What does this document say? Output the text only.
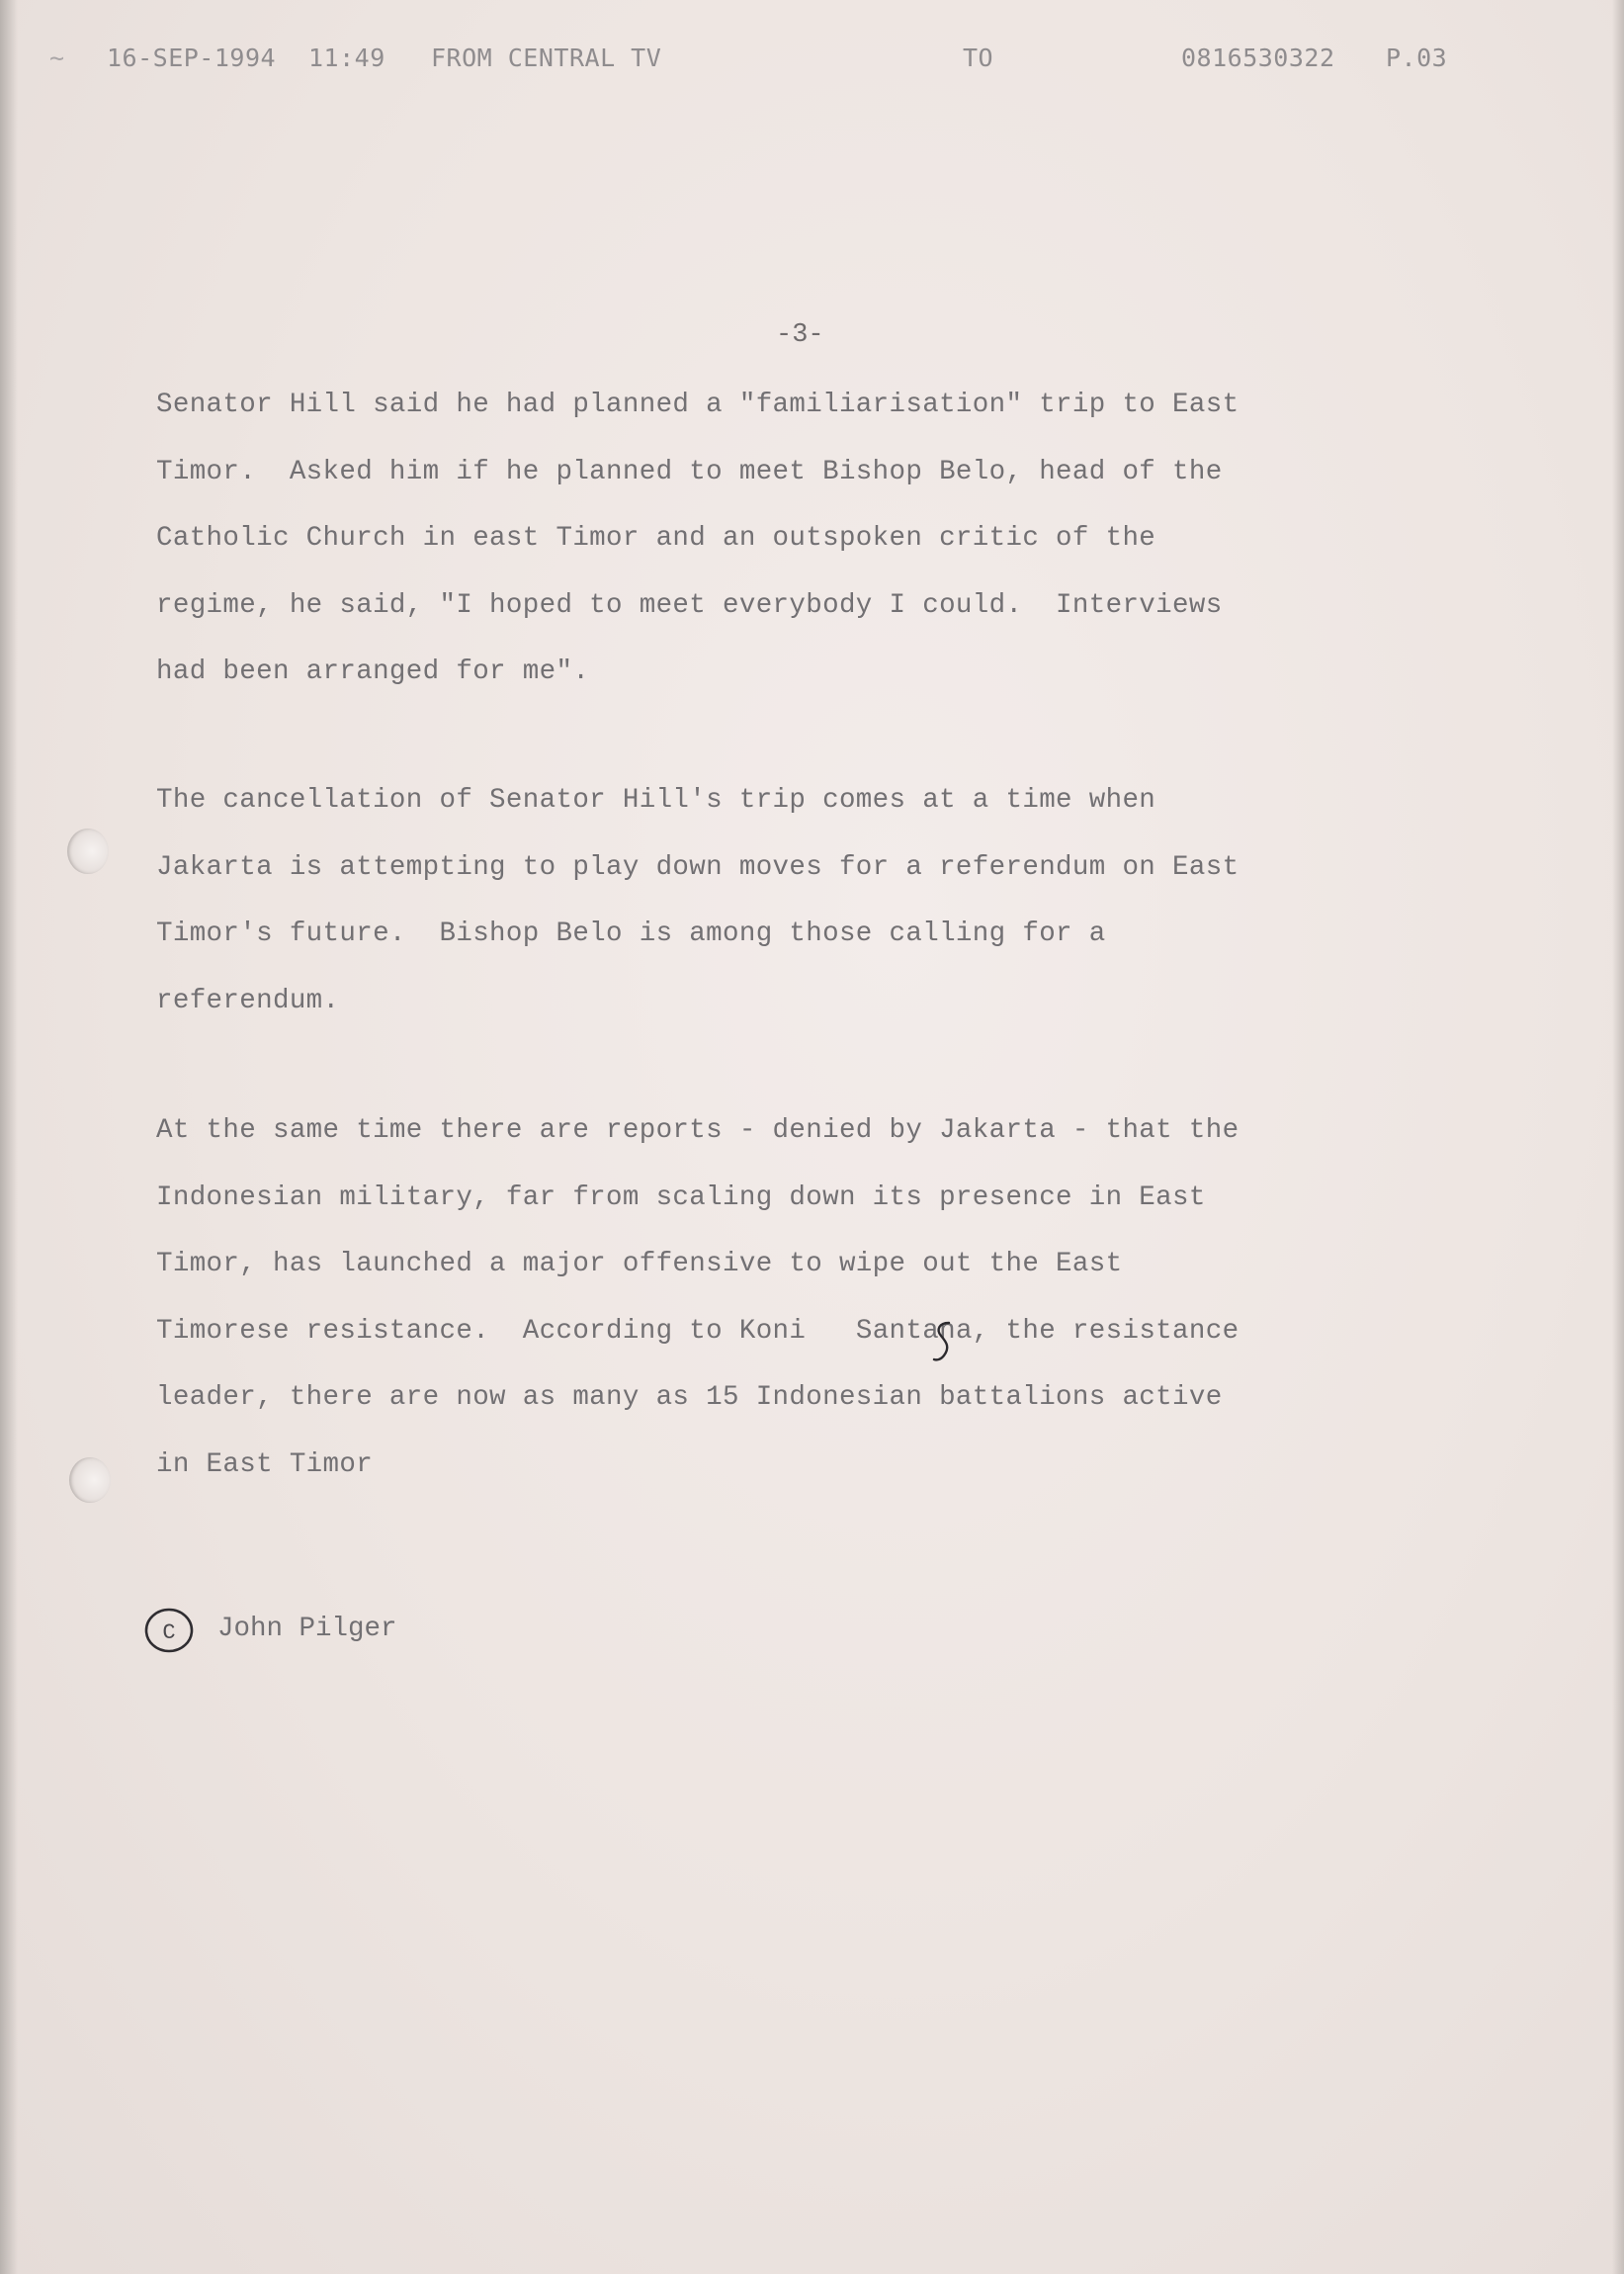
~ 16-SEP-1994 11:49 FROM CENTRAL TV	TO	0816530322 P.03
-3-
Senator Hill said he had planned a "familiarisation" trip to East
Timor.  Asked him if he planned to meet Bishop Belo, head of the
Catholic Church in east Timor and an outspoken critic of the
regime, he said, "I hoped to meet everybody I could.  Interviews
had been arranged for me".
The cancellation of Senator Hill's trip comes at a time when
Jakarta is attempting to play down moves for a referendum on East
Timor's future.  Bishop Belo is among those calling for a
referendum.
At the same time there are reports - denied by Jakarta - that the
Indonesian military, far from scaling down its presence in East
Timor, has launched a major offensive to wipe out the East
Timorese resistance.  According to Koni   Santana, the resistance
leader, there are now as many as 15 Indonesian battalions active
in East Timor
C John Pilger
